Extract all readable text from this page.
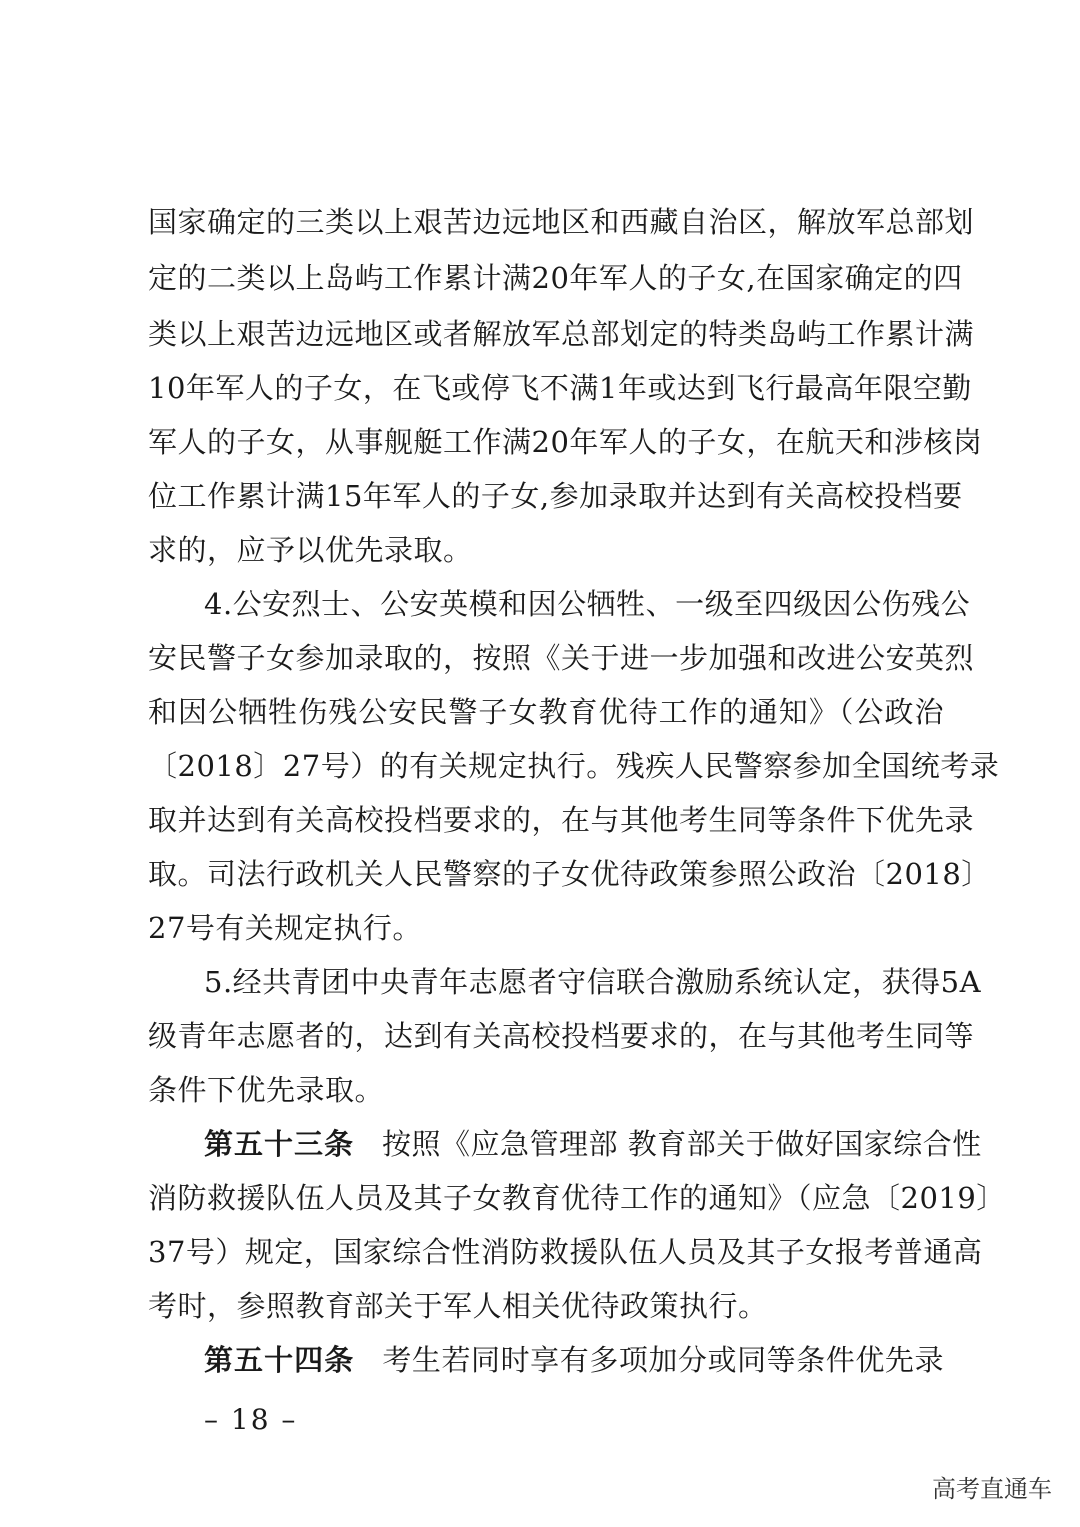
国家确定的三类以上艰苦边远地区和西藏自治区，解放军总部划
定的二类以上岛屿工作累计满20年军人的子女,在国家确定的四
类以上艰苦边远地区或者解放军总部划定的特类岛屿工作累计满
10年军人的子女，在飞或停飞不满1年或达到飞行最高年限空勤
军人的子女，从事舰艇工作满20年军人的子女，在航天和涉核岗
位工作累计满15年军人的子女,参加录取并达到有关高校投档要
求的，应予以优先录取。
4.公安烈士、公安英模和因公牺牲、一级至四级因公伤残公
安民警子女参加录取的，按照《关于进一步加强和改进公安英烈
和因公牺牲伤残公安民警子女教育优待工作的通知》（公政治
〔2018〕27号）的有关规定执行。残疾人民警察参加全国统考录
取并达到有关高校投档要求的，在与其他考生同等条件下优先录
取。司法行政机关人民警察的子女优待政策参照公政治〔2018〕
27号有关规定执行。
5.经共青团中央青年志愿者守信联合激励系统认定，获得5A
级青年志愿者的，达到有关高校投档要求的，在与其他考生同等
条件下优先录取。
第五十三条 按照《应急管理部 教育部关于做好国家综合性
消防救援队伍人员及其子女教育优待工作的通知》（应急〔2019〕
37号）规定，国家综合性消防救援队伍人员及其子女报考普通高
考时，参照教育部关于军人相关优待政策执行。
第五十四条 考生若同时享有多项加分或同等条件优先录
– 18 –
高考直通车
